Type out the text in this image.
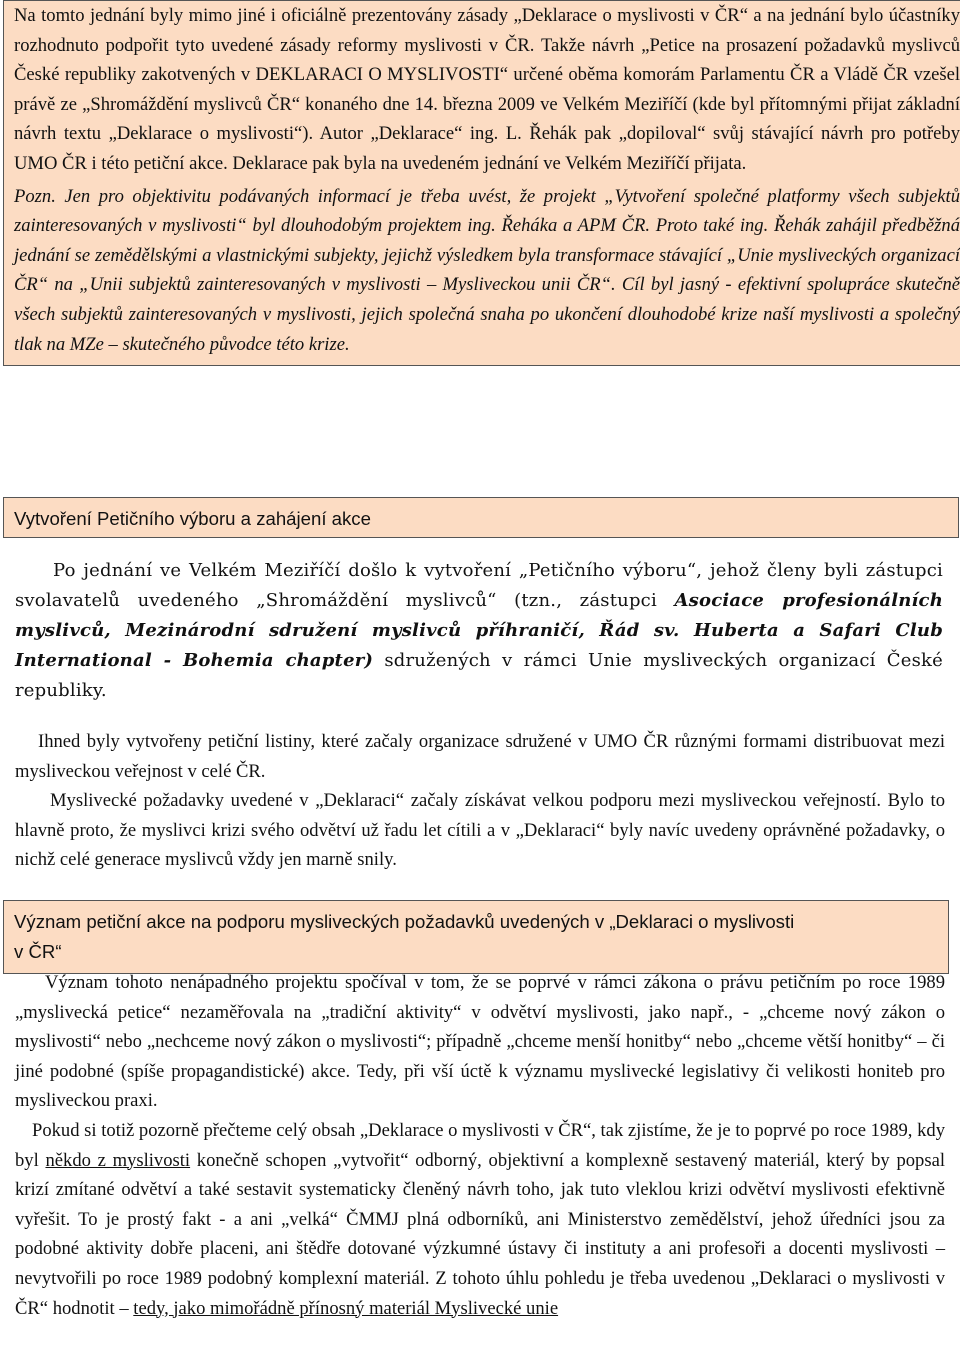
Na tomto jednání byly mimo jiné i oficiálně prezentovány zásady „Deklarace o myslivosti v ČR“ a na jednání bylo účastníky rozhodnuto podpořit tyto uvedené zásady reformy myslivosti v ČR. Takže návrh „Petice na prosazení požadavků myslivců České republiky zakotvených v DEKLARACI O MYSLIVOSTI“ určené oběma komorám Parlamentu ČR a Vládě ČR vzešel právě ze „Shromáždění myslivců ČR“ konaného dne 14. března 2009 ve Velkém Meziříčí (kde byl přítomnými přijat základní návrh textu „Deklarace o myslivosti“). Autor „Deklarace“ ing. L. Řehák pak „dopiloval“ svůj stávající návrh pro potřeby UMO ČR i této petiční akce. Deklarace pak byla na uvedeném jednání ve Velkém Meziříčí přijata.

Pozn. Jen pro objektivitu podávaných informací je třeba uvést, že projekt „Vytvoření společné platformy všech subjektů zainteresovaných v myslivosti“ byl dlouhodobým projektem ing. Řeháka a APM ČR. Proto také ing. Řehák zahájil předběžná jednání se zemědělskými a vlastnickými subjekty, jejichž výsledkem byla transformace stávající „Unie mysliveckých organizací ČR“ na „Unii subjektů zainteresovaných v myslivosti – Mysliveckou unii ČR“. Cíl byl jasný - efektivní spolupráce skutečně všech subjektů zainteresovaných v myslivosti, jejich společná snaha po ukončení dlouhodobé krize naší myslivosti a společný tlak na MZe – skutečného původce této krize.

Vytvoření Petičního výboru a zahájení akce

Po jednání ve Velkém Meziříčí došlo k vytvoření „Petičního výboru“, jehož členy byli zástupci svolavatelů uvedeného „Shromáždění myslivců“ (tzn., zástupci Asociace profesionálních myslivců, Mezinárodní sdružení myslivců příhraničí, Řád sv. Huberta a Safari Club International - Bohemia chapter) sdružených v rámci Unie mysliveckých organizací České republiky.

Ihned byly vytvořeny petiční listiny, které začaly organizace sdružené v UMO ČR různými formami distribuovat mezi mysliveckou veřejnost v celé ČR.

Myslivecké požadavky uvedené v „Deklaraci“ začaly získávat velkou podporu mezi mysliveckou veřejností. Bylo to hlavně proto, že myslivci krizi svého odvětví už řadu let cítili a v „Deklaraci“ byly navíc uvedeny oprávněné požadavky, o nichž celé generace myslivců vždy jen marně snily.

Význam petiční akce na podporu mysliveckých požadavků uvedených v „Deklaraci o myslivosti
v ČR“

Význam tohoto nenápadného projektu spočíval v tom, že se poprvé v rámci zákona o právu petičním po roce 1989 „myslivecká petice“ nezaměřovala na „tradiční aktivity“ v odvětví myslivosti, jako např., - „chceme nový zákon o myslivosti“ nebo „nechceme nový zákon o myslivosti“; případně „chceme menší honitby“ nebo „chceme větší honitby“ – či jiné podobné (spíše propagandistické) akce. Tedy, při vší úctě k významu myslivecké legislativy či velikosti honiteb pro mysliveckou praxi.

Pokud si totiž pozorně přečteme celý obsah „Deklarace o myslivosti v ČR“, tak zjistíme, že je to poprvé po roce 1989, kdy byl někdo z myslivosti konečně schopen „vytvořit“ odborný, objektivní a komplexně sestavený materiál, který by popsal krizí zmítané odvětví a také sestavit systematicky členěný návrh toho, jak tuto vleklou krizi odvětví myslivosti efektivně vyřešit. To je prostý fakt - a ani „velká“ ČMMJ plná odborníků, ani Ministerstvo zemědělství, jehož úředníci jsou za podobné aktivity dobře placeni, ani štědře dotované výzkumné ústavy či instituty a ani profesoři a docenti myslivosti – nevytvořili po roce 1989 podobný komplexní materiál. Z tohoto úhlu pohledu je třeba uvedenou „Deklaraci o myslivosti v ČR“ hodnotit – tedy, jako mimořádně přínosný materiál Myslivecké unie
